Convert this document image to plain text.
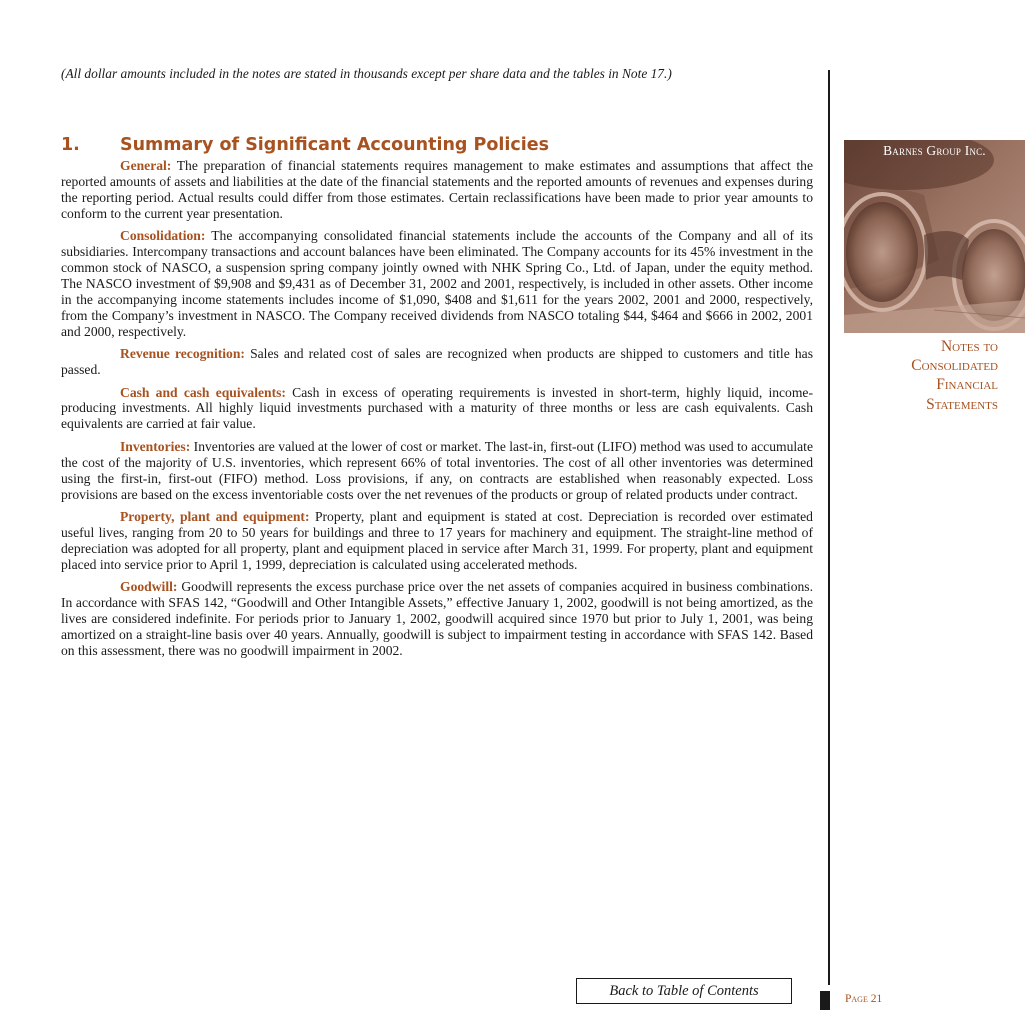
(All dollar amounts included in the notes are stated in thousands except per share data and the tables in Note 17.)
1. Summary of Significant Accounting Policies

General: The preparation of financial statements requires management to make estimates and assumptions that affect the reported amounts of assets and liabilities at the date of the financial statements and the reported amounts of revenues and expenses during the reporting period. Actual results could differ from those estimates. Certain reclassifications have been made to prior year amounts to conform to the current year presentation.

Consolidation: The accompanying consolidated financial statements include the accounts of the Company and all of its subsidiaries. Intercompany transactions and account balances have been eliminated. The Company accounts for its 45% investment in the common stock of NASCO, a suspension spring company jointly owned with NHK Spring Co., Ltd. of Japan, under the equity method. The NASCO investment of $9,908 and $9,431 as of December 31, 2002 and 2001, respectively, is included in other assets. Other income in the accompanying income statements includes income of $1,090, $408 and $1,611 for the years 2002, 2001 and 2000, respectively, from the Company’s investment in NASCO. The Company received dividends from NASCO totaling $44, $464 and $666 in 2002, 2001 and 2000, respectively.

Revenue recognition: Sales and related cost of sales are recognized when products are shipped to customers and title has passed.

Cash and cash equivalents: Cash in excess of operating requirements is invested in short-term, highly liquid, income-producing investments. All highly liquid investments purchased with a maturity of three months or less are cash equivalents. Cash equivalents are carried at fair value.

Inventories: Inventories are valued at the lower of cost or market. The last-in, first-out (LIFO) method was used to accumulate the cost of the majority of U.S. inventories, which represent 66% of total inventories. The cost of all other inventories was determined using the first-in, first-out (FIFO) method. Loss provisions, if any, on contracts are established when reasonably expected. Loss provisions are based on the excess inventoriable costs over the net revenues of the products or group of related products under contract.

Property, plant and equipment: Property, plant and equipment is stated at cost. Depreciation is recorded over estimated useful lives, ranging from 20 to 50 years for buildings and three to 17 years for machinery and equipment. The straight-line method of depreciation was adopted for all property, plant and equipment placed in service after March 31, 1999. For property, plant and equipment placed into service prior to April 1, 1999, depreciation is calculated using accelerated methods.

Goodwill: Goodwill represents the excess purchase price over the net assets of companies acquired in business combinations. In accordance with SFAS 142, “Goodwill and Other Intangible Assets,” effective January 1, 2002, goodwill is not being amortized, as the lives are considered indefinite. For periods prior to January 1, 2002, goodwill acquired since 1970 but prior to July 1, 2001, was being amortized on a straight-line basis over 40 years. Annually, goodwill is subject to impairment testing in accordance with SFAS 142. Based on this assessment, there was no goodwill impairment in 2002.

Barnes Group Inc.
Notes to
Consolidated
Financial
Statements
Back to Table of Contents	Page 21
